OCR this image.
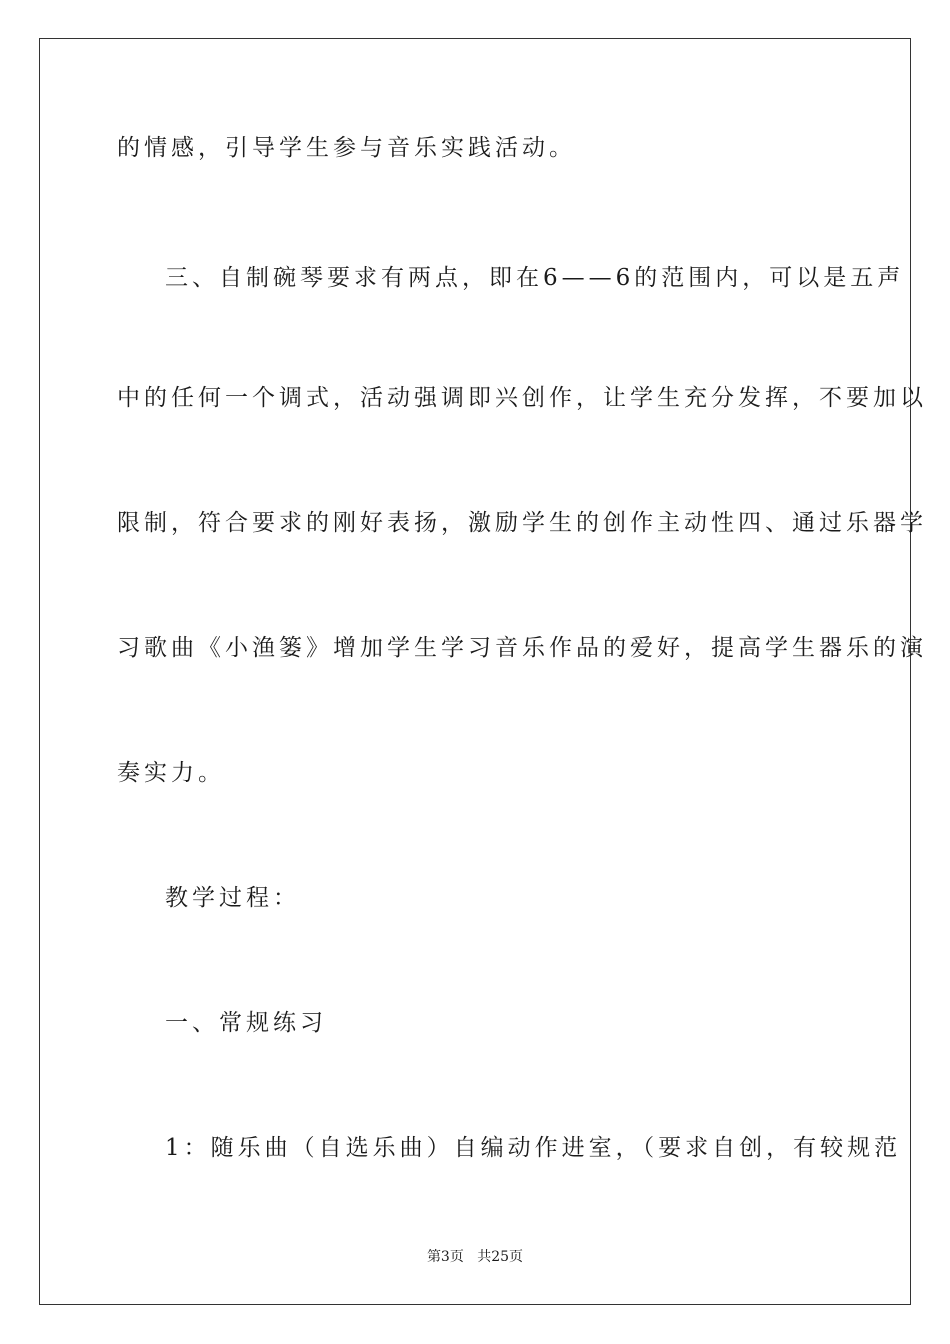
的情感，引导学生参与音乐实践活动。
三、自制碗琴要求有两点，即在6——6的范围内，可以是五声
中的任何一个调式，活动强调即兴创作，让学生充分发挥，不要加以
限制，符合要求的刚好表扬，激励学生的创作主动性四、通过乐器学
习歌曲《小渔篓》增加学生学习音乐作品的爱好，提高学生器乐的演
奏实力。
教学过程：
一、常规练习
1：随乐曲（自选乐曲）自编动作进室，（要求自创，有较规范
第3页 共25页
